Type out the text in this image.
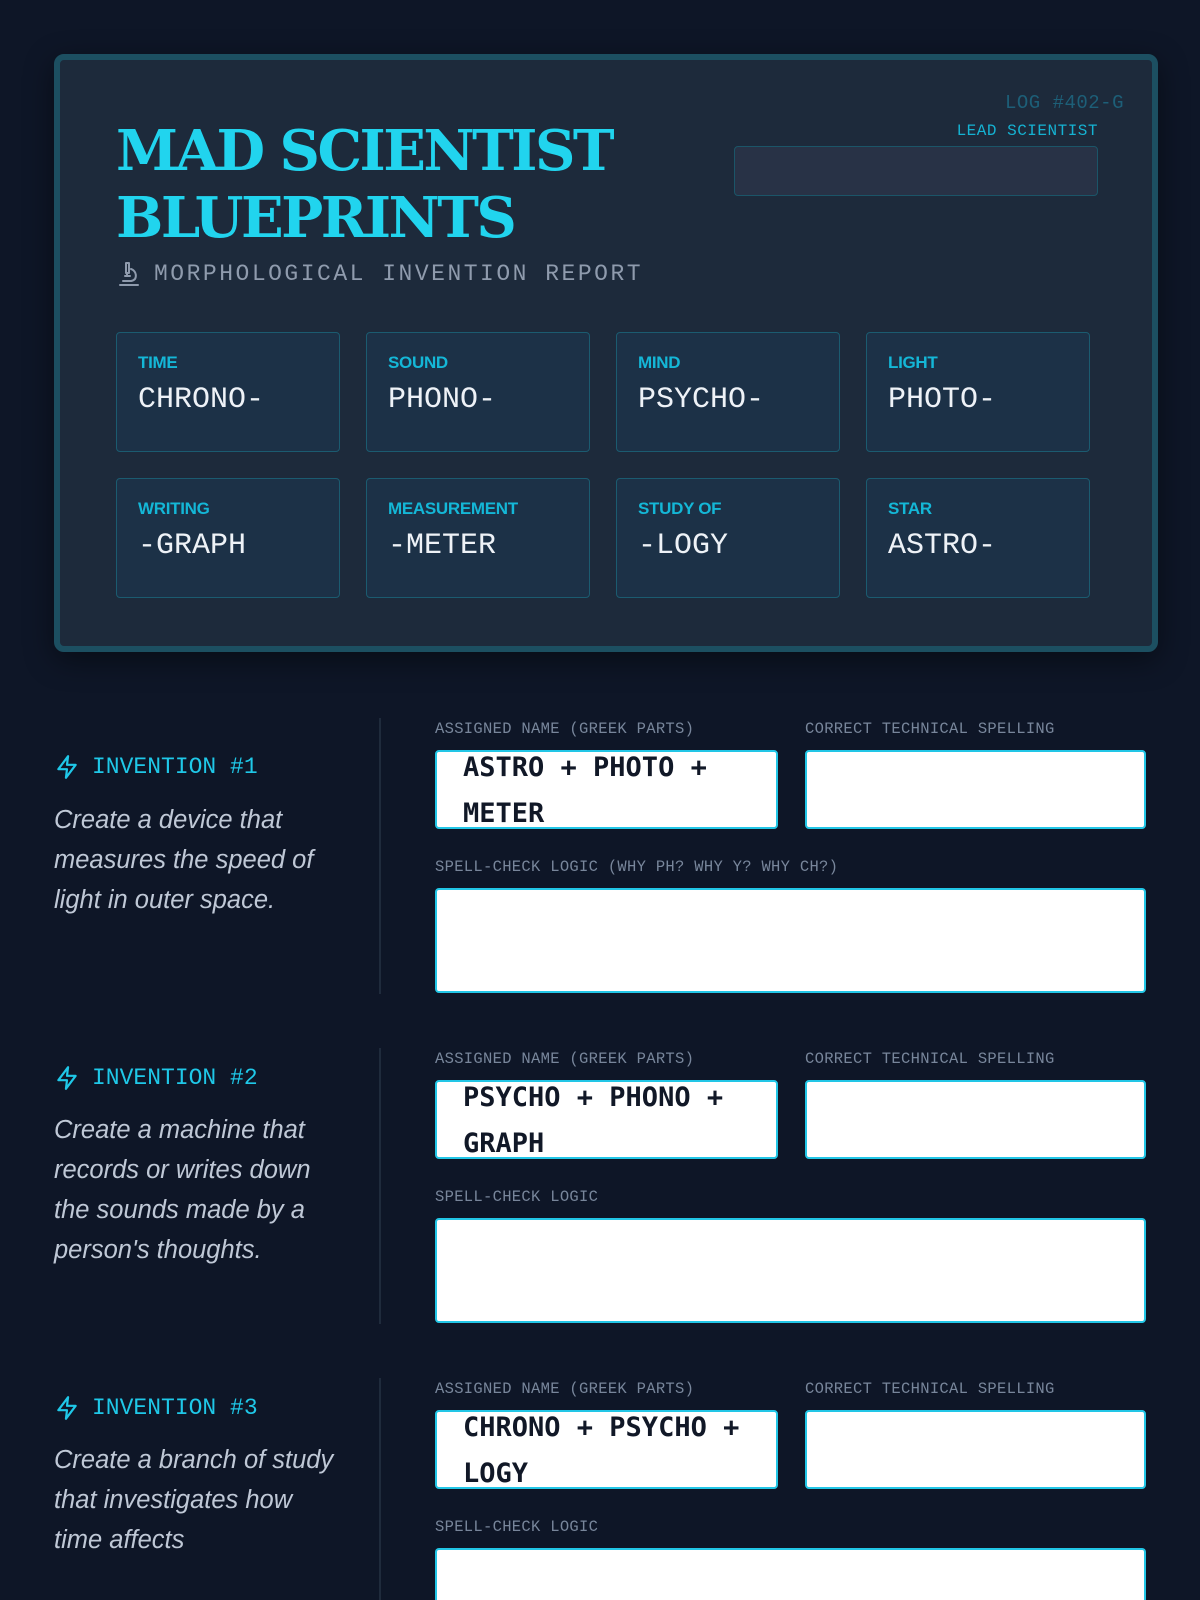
LOG #402-G
LEAD SCIENTIST
MAD SCIENTIST BLUEPRINTS
MORPHOLOGICAL INVENTION REPORT
TIME
CHRONO-
SOUND
PHONO-
MIND
PSYCHO-
LIGHT
PHOTO-
WRITING
-GRAPH
MEASUREMENT
-METER
STUDY OF
-LOGY
STAR
ASTRO-
INVENTION #1

Create a device that measures the speed of light in outer space.

ASSIGNED NAME (GREEK PARTS)	CORRECT TECHNICAL SPELLING
ASTRO + PHOTO + METER
SPELL-CHECK LOGIC (WHY PH? WHY Y? WHY CH?)
INVENTION #2

Create a machine that records or writes down the sounds made by a person's thoughts.

ASSIGNED NAME (GREEK PARTS)	CORRECT TECHNICAL SPELLING
PSYCHO + PHONO + GRAPH
SPELL-CHECK LOGIC
INVENTION #3

Create a branch of study that investigates how time affects

ASSIGNED NAME (GREEK PARTS)	CORRECT TECHNICAL SPELLING
CHRONO + PSYCHO + LOGY
SPELL-CHECK LOGIC
